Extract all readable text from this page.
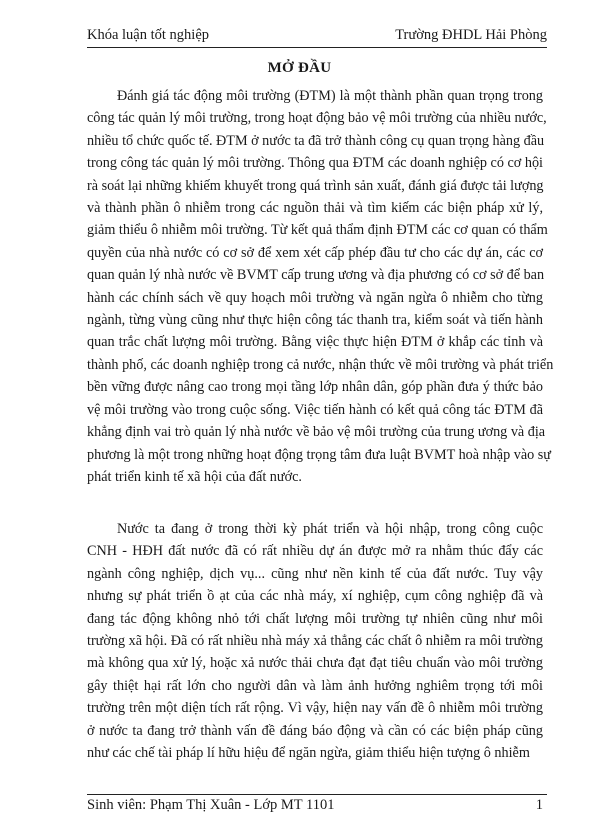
Khóa luận tốt nghiệp	Trường ĐHDL Hải Phòng
MỞ ĐẦU
Đánh giá tác động môi trường (ĐTM) là một thành phần quan trọng trong
công tác quản lý môi trường, trong hoạt động bảo vệ môi trường của nhiều nước,
nhiều tổ chức quốc tế. ĐTM ở nước ta đã trở thành công cụ quan trọng hàng đầu
trong công tác quản lý môi trường. Thông qua ĐTM các doanh nghiệp có cơ hội
rà soát lại những khiếm khuyết trong quá trình sản xuất, đánh giá được tải lượng
và thành phần ô nhiễm trong các nguồn thải và tìm kiếm các biện pháp xử lý,
giảm thiểu ô nhiễm môi trường. Từ kết quả thẩm định ĐTM các cơ quan có thẩm
quyền của nhà nước có cơ sở để xem xét cấp phép đầu tư cho các dự án, các cơ
quan quản lý nhà nước về BVMT cấp trung ương và địa phương có cơ sở để ban
hành các chính sách về quy hoạch môi trường và ngăn ngừa ô nhiễm cho từng
ngành, từng vùng cũng như thực hiện công tác thanh tra, kiểm soát và tiến hành
quan trắc chất lượng môi trường. Bằng việc thực hiện ĐTM ở khắp các tỉnh và
thành phố, các doanh nghiệp trong cả nước, nhận thức về môi trường và phát triển
bền vững được nâng cao trong mọi tầng lớp nhân dân, góp phần đưa ý thức bảo
vệ môi trường vào trong cuộc sống. Việc tiến hành có kết quả công tác ĐTM đã
khẳng định vai trò quản lý nhà nước về bảo vệ môi trường của trung ương và địa
phương là một trong những hoạt động trọng tâm đưa luật BVMT hoà nhập vào sự
phát triển kinh tế xã hội của đất nước.
Nước ta đang ở trong thời kỳ phát triển và hội nhập, trong công cuộc
CNH - HĐH đất nước đã có rất nhiều dự án được mở ra nhằm thúc đẩy các
ngành công nghiệp, dịch vụ... cũng như nền kinh tế của đất nước. Tuy vậy
nhưng sự phát triển ồ ạt của các nhà máy, xí nghiệp, cụm công nghiệp đã và
đang tác động không nhỏ tới chất lượng môi trường tự nhiên cũng như môi
trường xã hội. Đã có rất nhiều nhà máy xả thẳng các chất ô nhiễm ra môi trường
mà không qua xử lý, hoặc xả nước thải chưa đạt đạt tiêu chuẩn vào môi trường
gây thiệt hại rất lớn cho người dân và làm ảnh hưởng nghiêm trọng tới môi
trường trên một diện tích rất rộng. Vì vậy, hiện nay vấn đề ô nhiễm môi trường
ở nước ta đang trở thành vấn đề đáng báo động và cần có các biện pháp cũng
như các chế tài pháp lí hữu hiệu để ngăn ngừa, giảm thiểu hiện tượng ô nhiễm
Sinh viên: Phạm Thị Xuân - Lớp MT 1101	1
